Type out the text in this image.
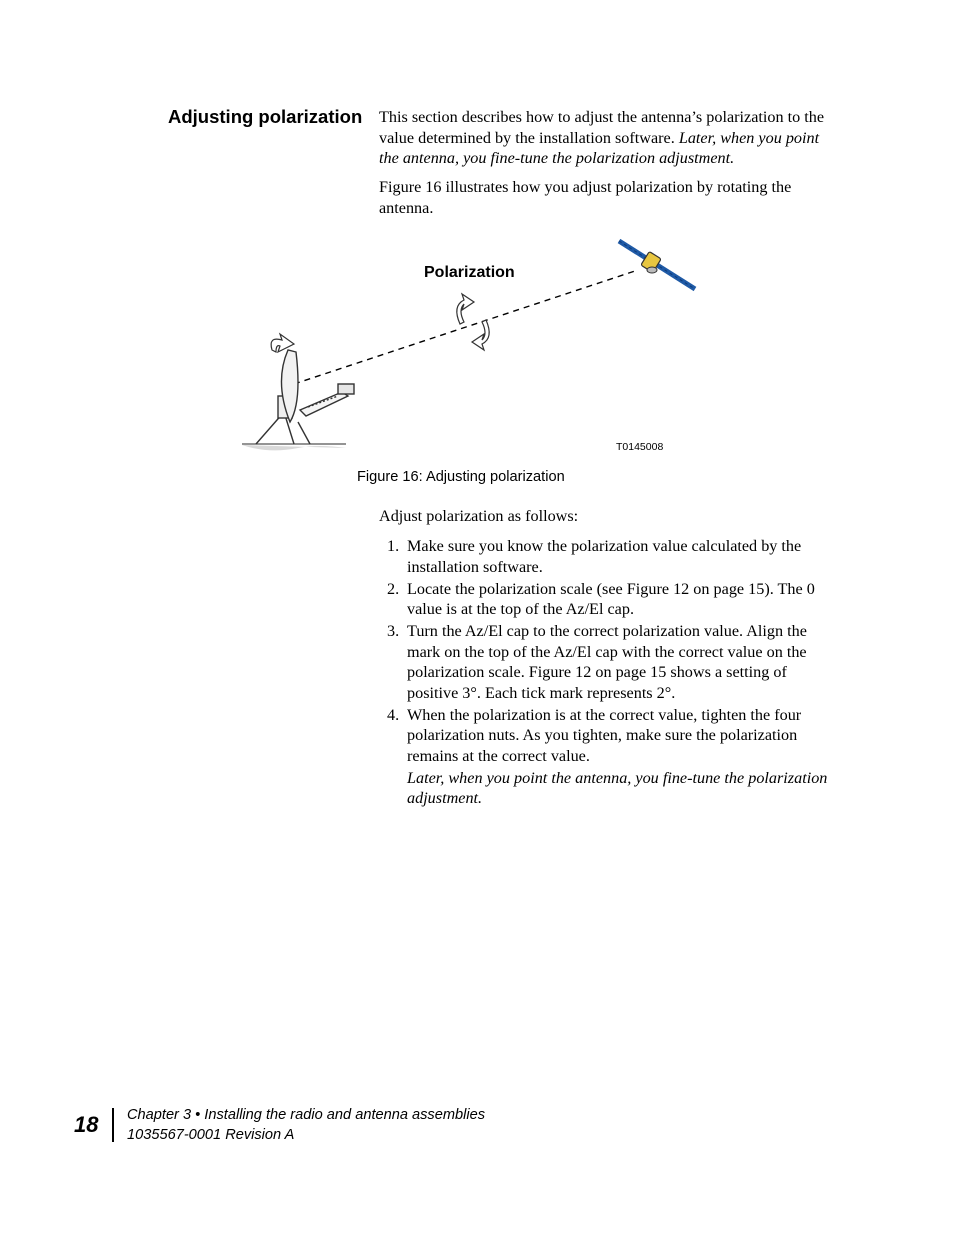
Adjusting polarization This section describes how to adjust the antenna’s polarization to the value determined by the installation software. Later, when you point the antenna, you fine-tune the polarization adjustment.
Figure 16 illustrates how you adjust polarization by rotating the antenna.
Polarization
T0145008
Figure 16: Adjusting polarization
Adjust polarization as follows:
1. Make sure you know the polarization value calculated by the installation software.
2. Locate the polarization scale (see Figure 12 on page 15). The 0 value is at the top of the Az/El cap.
3. Turn the Az/El cap to the correct polarization value. Align the mark on the top of the Az/El cap with the correct value on the polarization scale. Figure 12 on page 15 shows a setting of positive 3°. Each tick mark represents 2°.
4. When the polarization is at the correct value, tighten the four polarization nuts. As you tighten, make sure the polarization remains at the correct value.
Later, when you point the antenna, you fine-tune the polarization adjustment.
18 Chapter 3 • Installing the radio and antenna assemblies
1035567-0001 Revision A
